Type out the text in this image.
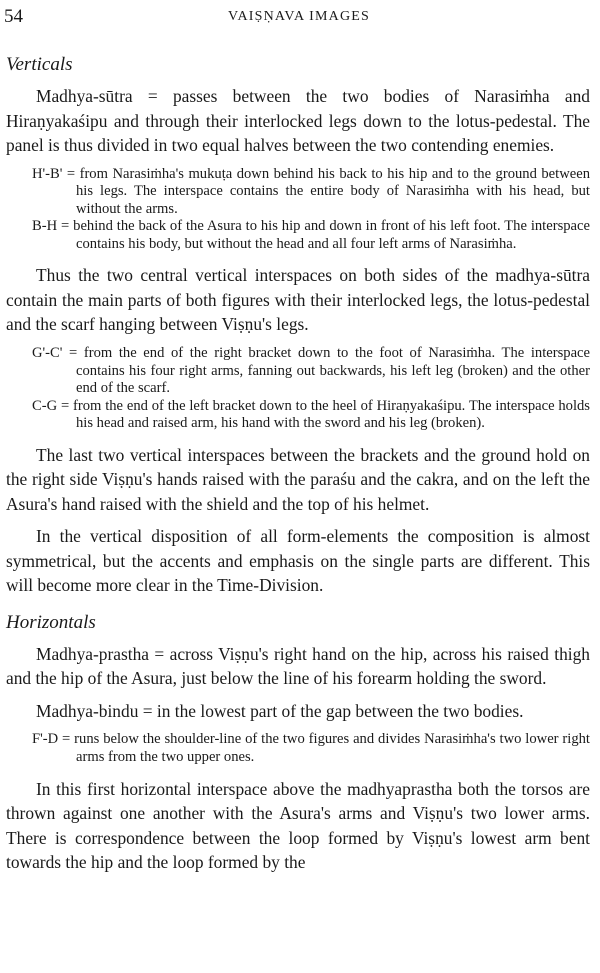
54	VAIṢṆAVA IMAGES
Verticals

Madhya-sūtra = passes between the two bodies of Narasiṁha and Hiraṇyakaśipu and through their interlocked legs down to the lotus-pedestal. The panel is thus divided in two equal halves between the two contending enemies.

H'-B' = from Narasiṁha's mukuṭa down behind his back to his hip and to the ground between his legs. The interspace contains the entire body of Narasiṁha with his head, but without the arms.

B-H = behind the back of the Asura to his hip and down in front of his left foot. The interspace contains his body, but without the head and all four left arms of Narasiṁha.

Thus the two central vertical interspaces on both sides of the madhya-sūtra contain the main parts of both figures with their interlocked legs, the lotus-pedestal and the scarf hanging between Viṣṇu's legs.

G'-C' = from the end of the right bracket down to the foot of Narasiṁha. The interspace contains his four right arms, fanning out backwards, his left leg (broken) and the other end of the scarf.

C-G = from the end of the left bracket down to the heel of Hiraṇyakaśipu. The interspace holds his head and raised arm, his hand with the sword and his leg (broken).

The last two vertical interspaces between the brackets and the ground hold on the right side Viṣṇu's hands raised with the paraśu and the cakra, and on the left the Asura's hand raised with the shield and the top of his helmet.

In the vertical disposition of all form-elements the composition is almost symmetrical, but the accents and emphasis on the single parts are different. This will become more clear in the Time-Division.

Horizontals

Madhya-prastha = across Viṣṇu's right hand on the hip, across his raised thigh and the hip of the Asura, just below the line of his forearm holding the sword.

Madhya-bindu = in the lowest part of the gap between the two bodies.

F'-D = runs below the shoulder-line of the two figures and divides Narasiṁha's two lower right arms from the two upper ones.

In this first horizontal interspace above the madhyaprastha both the torsos are thrown against one another with the Asura's arms and Viṣṇu's two lower arms. There is correspondence between the loop formed by Viṣṇu's lowest arm bent towards the hip and the loop formed by the
